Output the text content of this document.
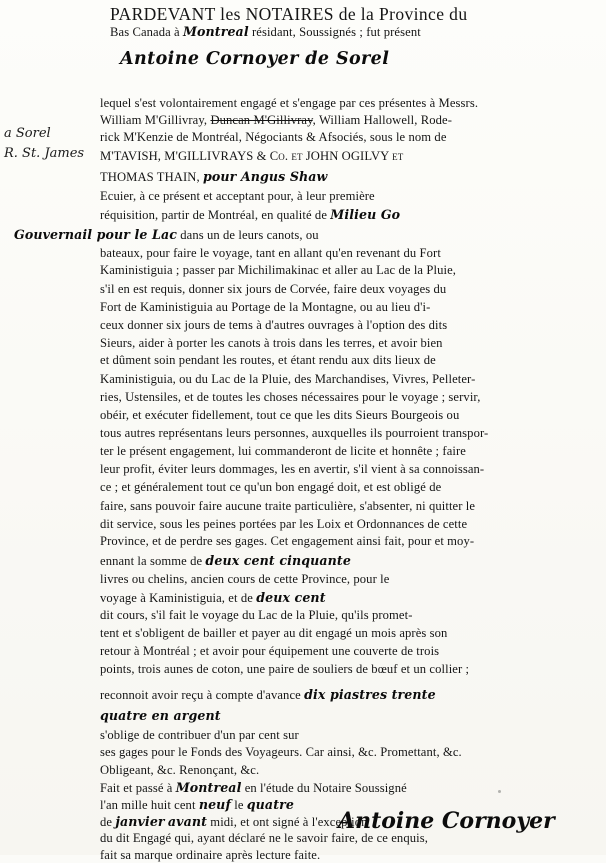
PARDEVANT les NOTAIRES de la Province du
Bas Canada à Montreal résidant, Soussignés ; fut présent
Antoine Cornoyer de Sorel
lequel s'est volontairement engagé et s'engage par ces présentes à Messrs.
William M'Gillivray, Duncan M'Gillivray, William Hallowell, Rode-
rick M'Kenzie de Montréal, Négociants & Afsociés, sous le nom de
M'TAVISH, M'GILLIVRAYS & Co. et JOHN OGILVY et
THOMAS THAIN, pour Angus Shaw
Ecuier, à ce présent et acceptant pour, à leur première
réquisition, partir de Montréal, en qualité de Milieu Go
Gouvernail pour le Lac dans un de leurs canots, ou
bateaux, pour faire le voyage, tant en allant qu'en revenant du Fort
Kaministiguia ; passer par Michilimakinac et aller au Lac de la Pluie,
s'il en est requis, donner six jours de Corvée, faire deux voyages du
Fort de Kaministiguia au Portage de la Montagne, ou au lieu d'i-
ceux donner six jours de tems à d'autres ouvrages à l'option des dits
Sieurs, aider à porter les canots à trois dans les terres, et avoir bien
et dûment soin pendant les routes, et étant rendu aux dits lieux de
Kaministiguia, ou du Lac de la Pluie, des Marchandises, Vivres, Pelleter-
ries, Ustensiles, et de toutes les choses nécessaires pour le voyage ; servir,
obéir, et exécuter fidellement, tout ce que les dits Sieurs Bourgeois ou
tous autres représentans leurs personnes, auxquelles ils pourroient transpor-
ter le présent engagement, lui commanderont de licite et honnête ; faire
leur profit, éviter leurs dommages, les en avertir, s'il vient à sa connoissan-
ce ; et généralement tout ce qu'un bon engagé doit, et est obligé de
faire, sans pouvoir faire aucune traite particulière, s'absenter, ni quitter le
dit service, sous les peines portées par les Loix et Ordonnances de cette
Province, et de perdre ses gages. Cet engagement ainsi fait, pour et moy-
ennant la somme de deux cent cinquante
livres ou chelins, ancien cours de cette Province, pour le
voyage à Kaministiguia, et de deux cent
dit cours, s'il fait le voyage du Lac de la Pluie, qu'ils promet-
tent et s'obligent de bailler et payer au dit engagé un mois après son
retour à Montréal ; et avoir pour équipement une couverte de trois
points, trois aunes de coton, une paire de souliers de bœuf et un collier ;
reconnoit avoir reçu à compte d'avance dix piastres trente
quatre en argent
s'oblige de contribuer d'un par cent sur
ses gages pour le Fonds des Voyageurs. Car ainsi, &c. Promettant, &c.
Obligeant, &c. Renonçant, &c.
Fait et passé à Montreal en l'étude du Notaire Soussigné
l'an mille huit cent neuf le quatre
de janvier avant midi, et ont signé à l'exception
du dit Engagé qui, ayant déclaré ne le savoir faire, de ce enquis,
fait sa marque ordinaire après lecture faite.
a Sorel
R. St. James
Antoine Cornoyer
